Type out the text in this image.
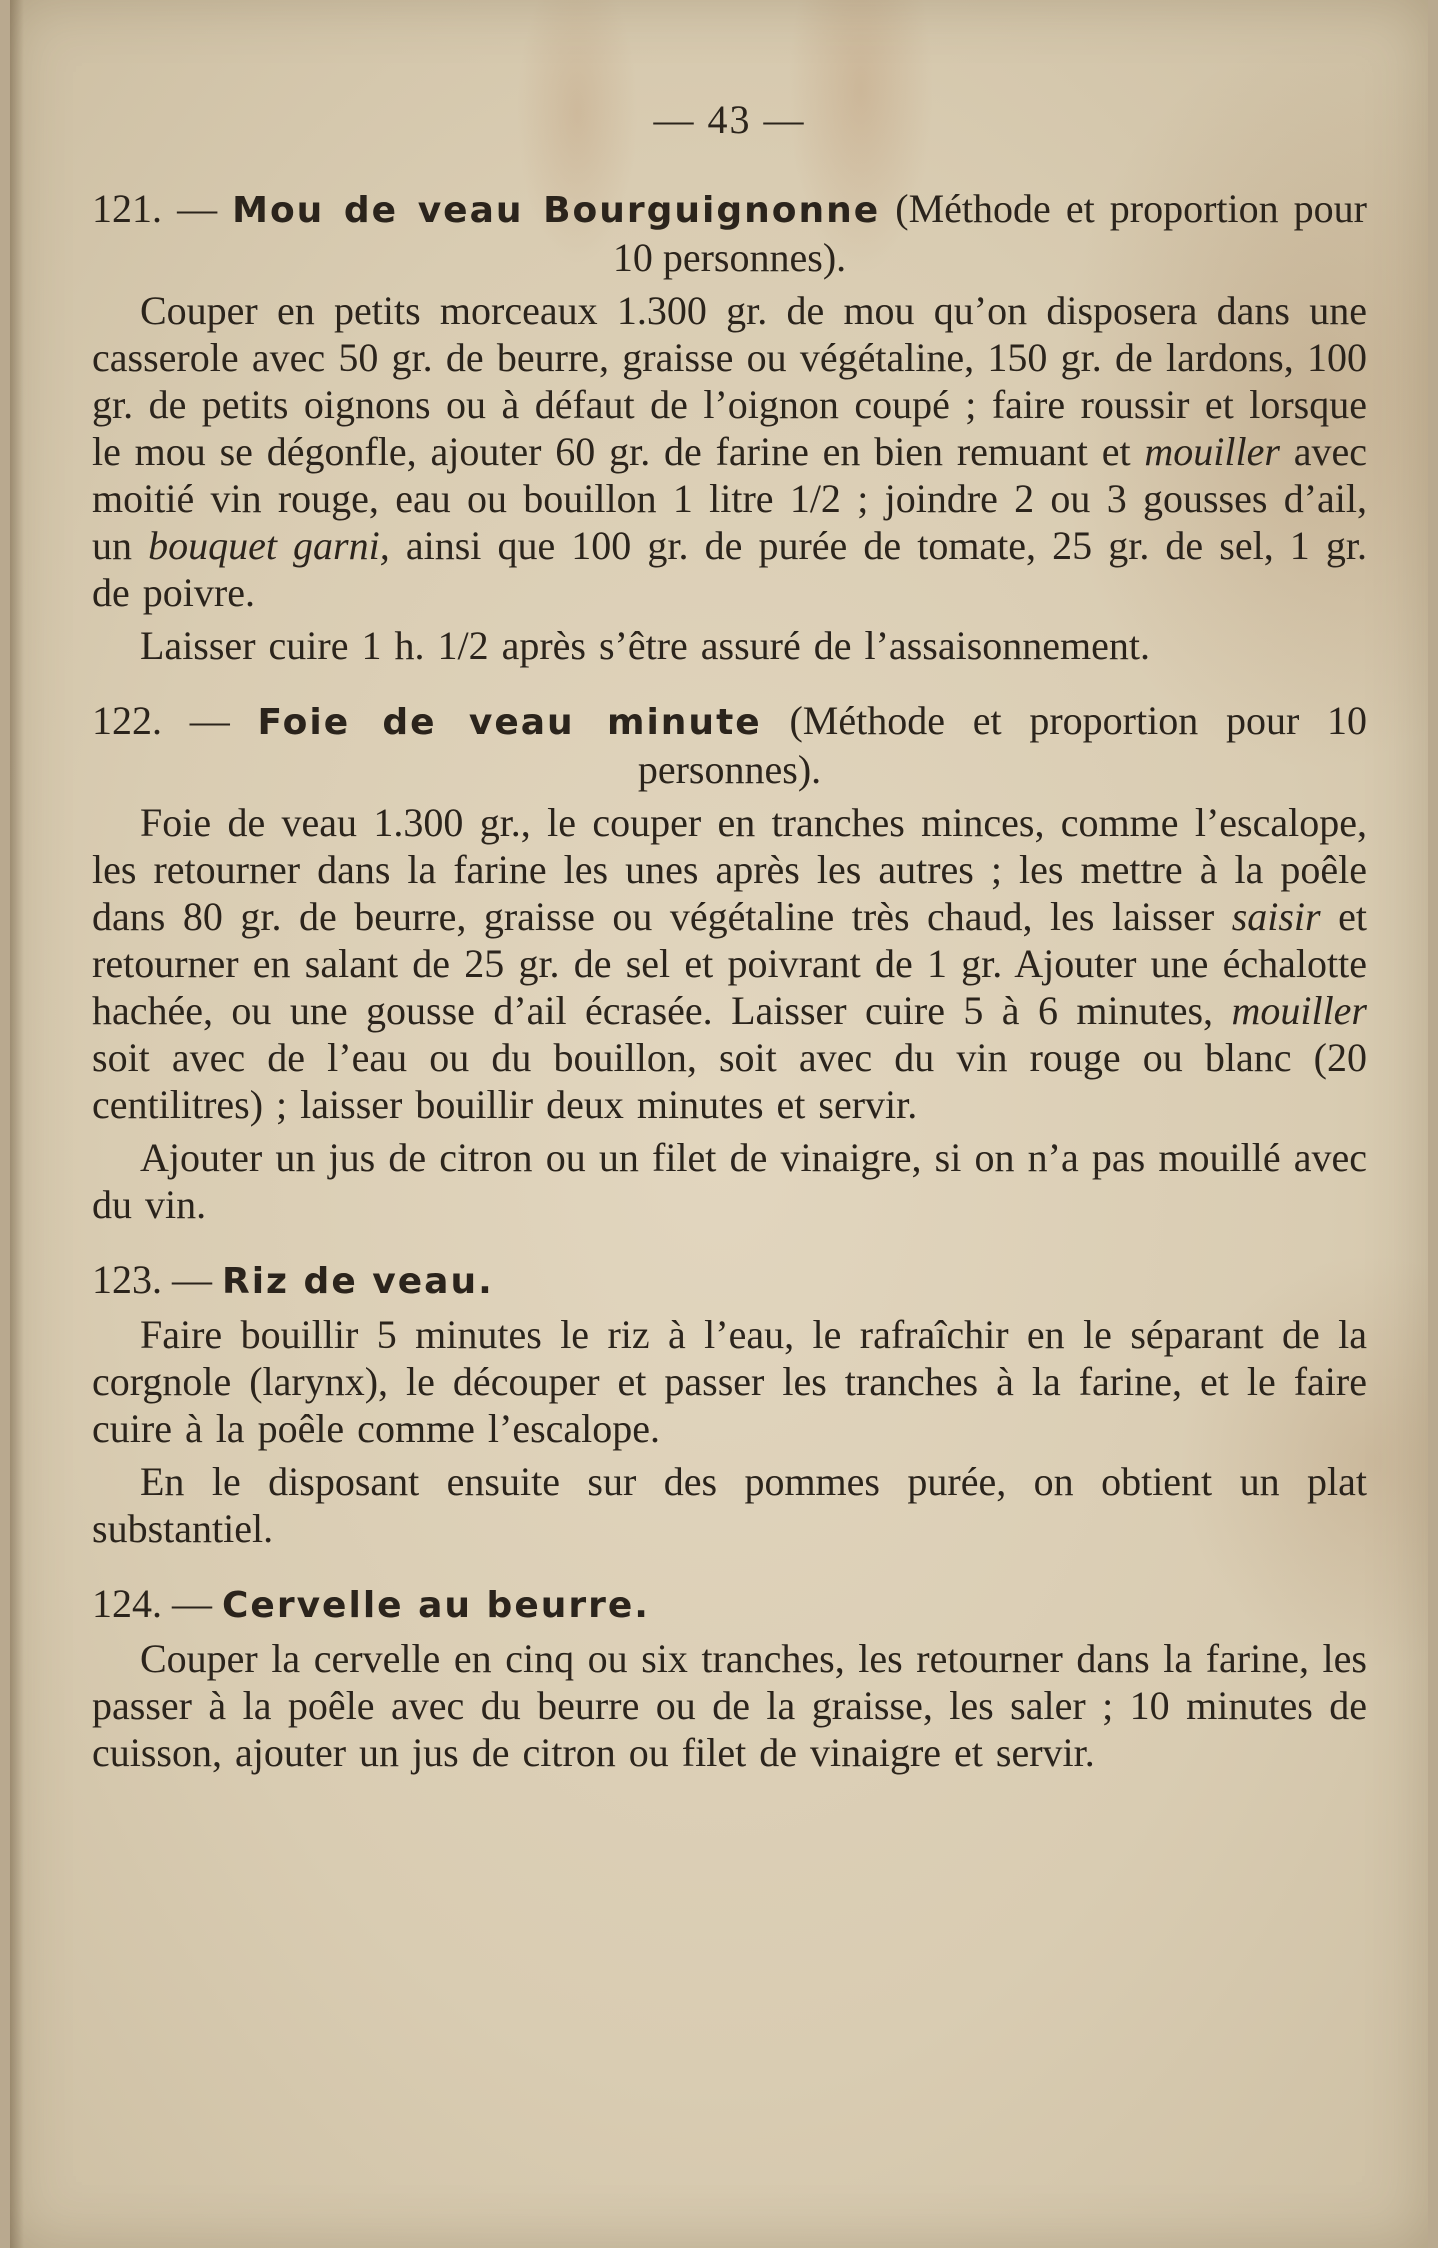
— 43 —

121. — Mou de veau Bourguignonne (Méthode et proportion pour 10 personnes).

Couper en petits morceaux 1.300 gr. de mou qu’on disposera dans une casserole avec 50 gr. de beurre, graisse ou végétaline, 150 gr. de lardons, 100 gr. de petits oignons ou à défaut de l’oignon coupé ; faire roussir et lorsque le mou se dégonfle, ajouter 60 gr. de farine en bien remuant et mouiller avec moitié vin rouge, eau ou bouillon 1 litre 1/2 ; joindre 2 ou 3 gousses d’ail, un bouquet garni, ainsi que 100 gr. de purée de tomate, 25 gr. de sel, 1 gr. de poivre.

Laisser cuire 1 h. 1/2 après s’être assuré de l’assaisonnement.

122. — Foie de veau minute (Méthode et proportion pour 10 personnes).

Foie de veau 1.300 gr., le couper en tranches minces, comme l’escalope, les retourner dans la farine les unes après les autres ; les mettre à la poêle dans 80 gr. de beurre, graisse ou végétaline très chaud, les laisser saisir et retourner en salant de 25 gr. de sel et poivrant de 1 gr. Ajouter une échalotte hachée, ou une gousse d’ail écrasée. Laisser cuire 5 à 6 minutes, mouiller soit avec de l’eau ou du bouillon, soit avec du vin rouge ou blanc (20 centilitres) ; laisser bouillir deux minutes et servir.

Ajouter un jus de citron ou un filet de vinaigre, si on n’a pas mouillé avec du vin.

123. — Riz de veau.

Faire bouillir 5 minutes le riz à l’eau, le rafraîchir en le séparant de la corgnole (larynx), le découper et passer les tranches à la farine, et le faire cuire à la poêle comme l’escalope.

En le disposant ensuite sur des pommes purée, on obtient un plat substantiel.

124. — Cervelle au beurre.

Couper la cervelle en cinq ou six tranches, les retourner dans la farine, les passer à la poêle avec du beurre ou de la graisse, les saler ; 10 minutes de cuisson, ajouter un jus de citron ou filet de vinaigre et servir.
